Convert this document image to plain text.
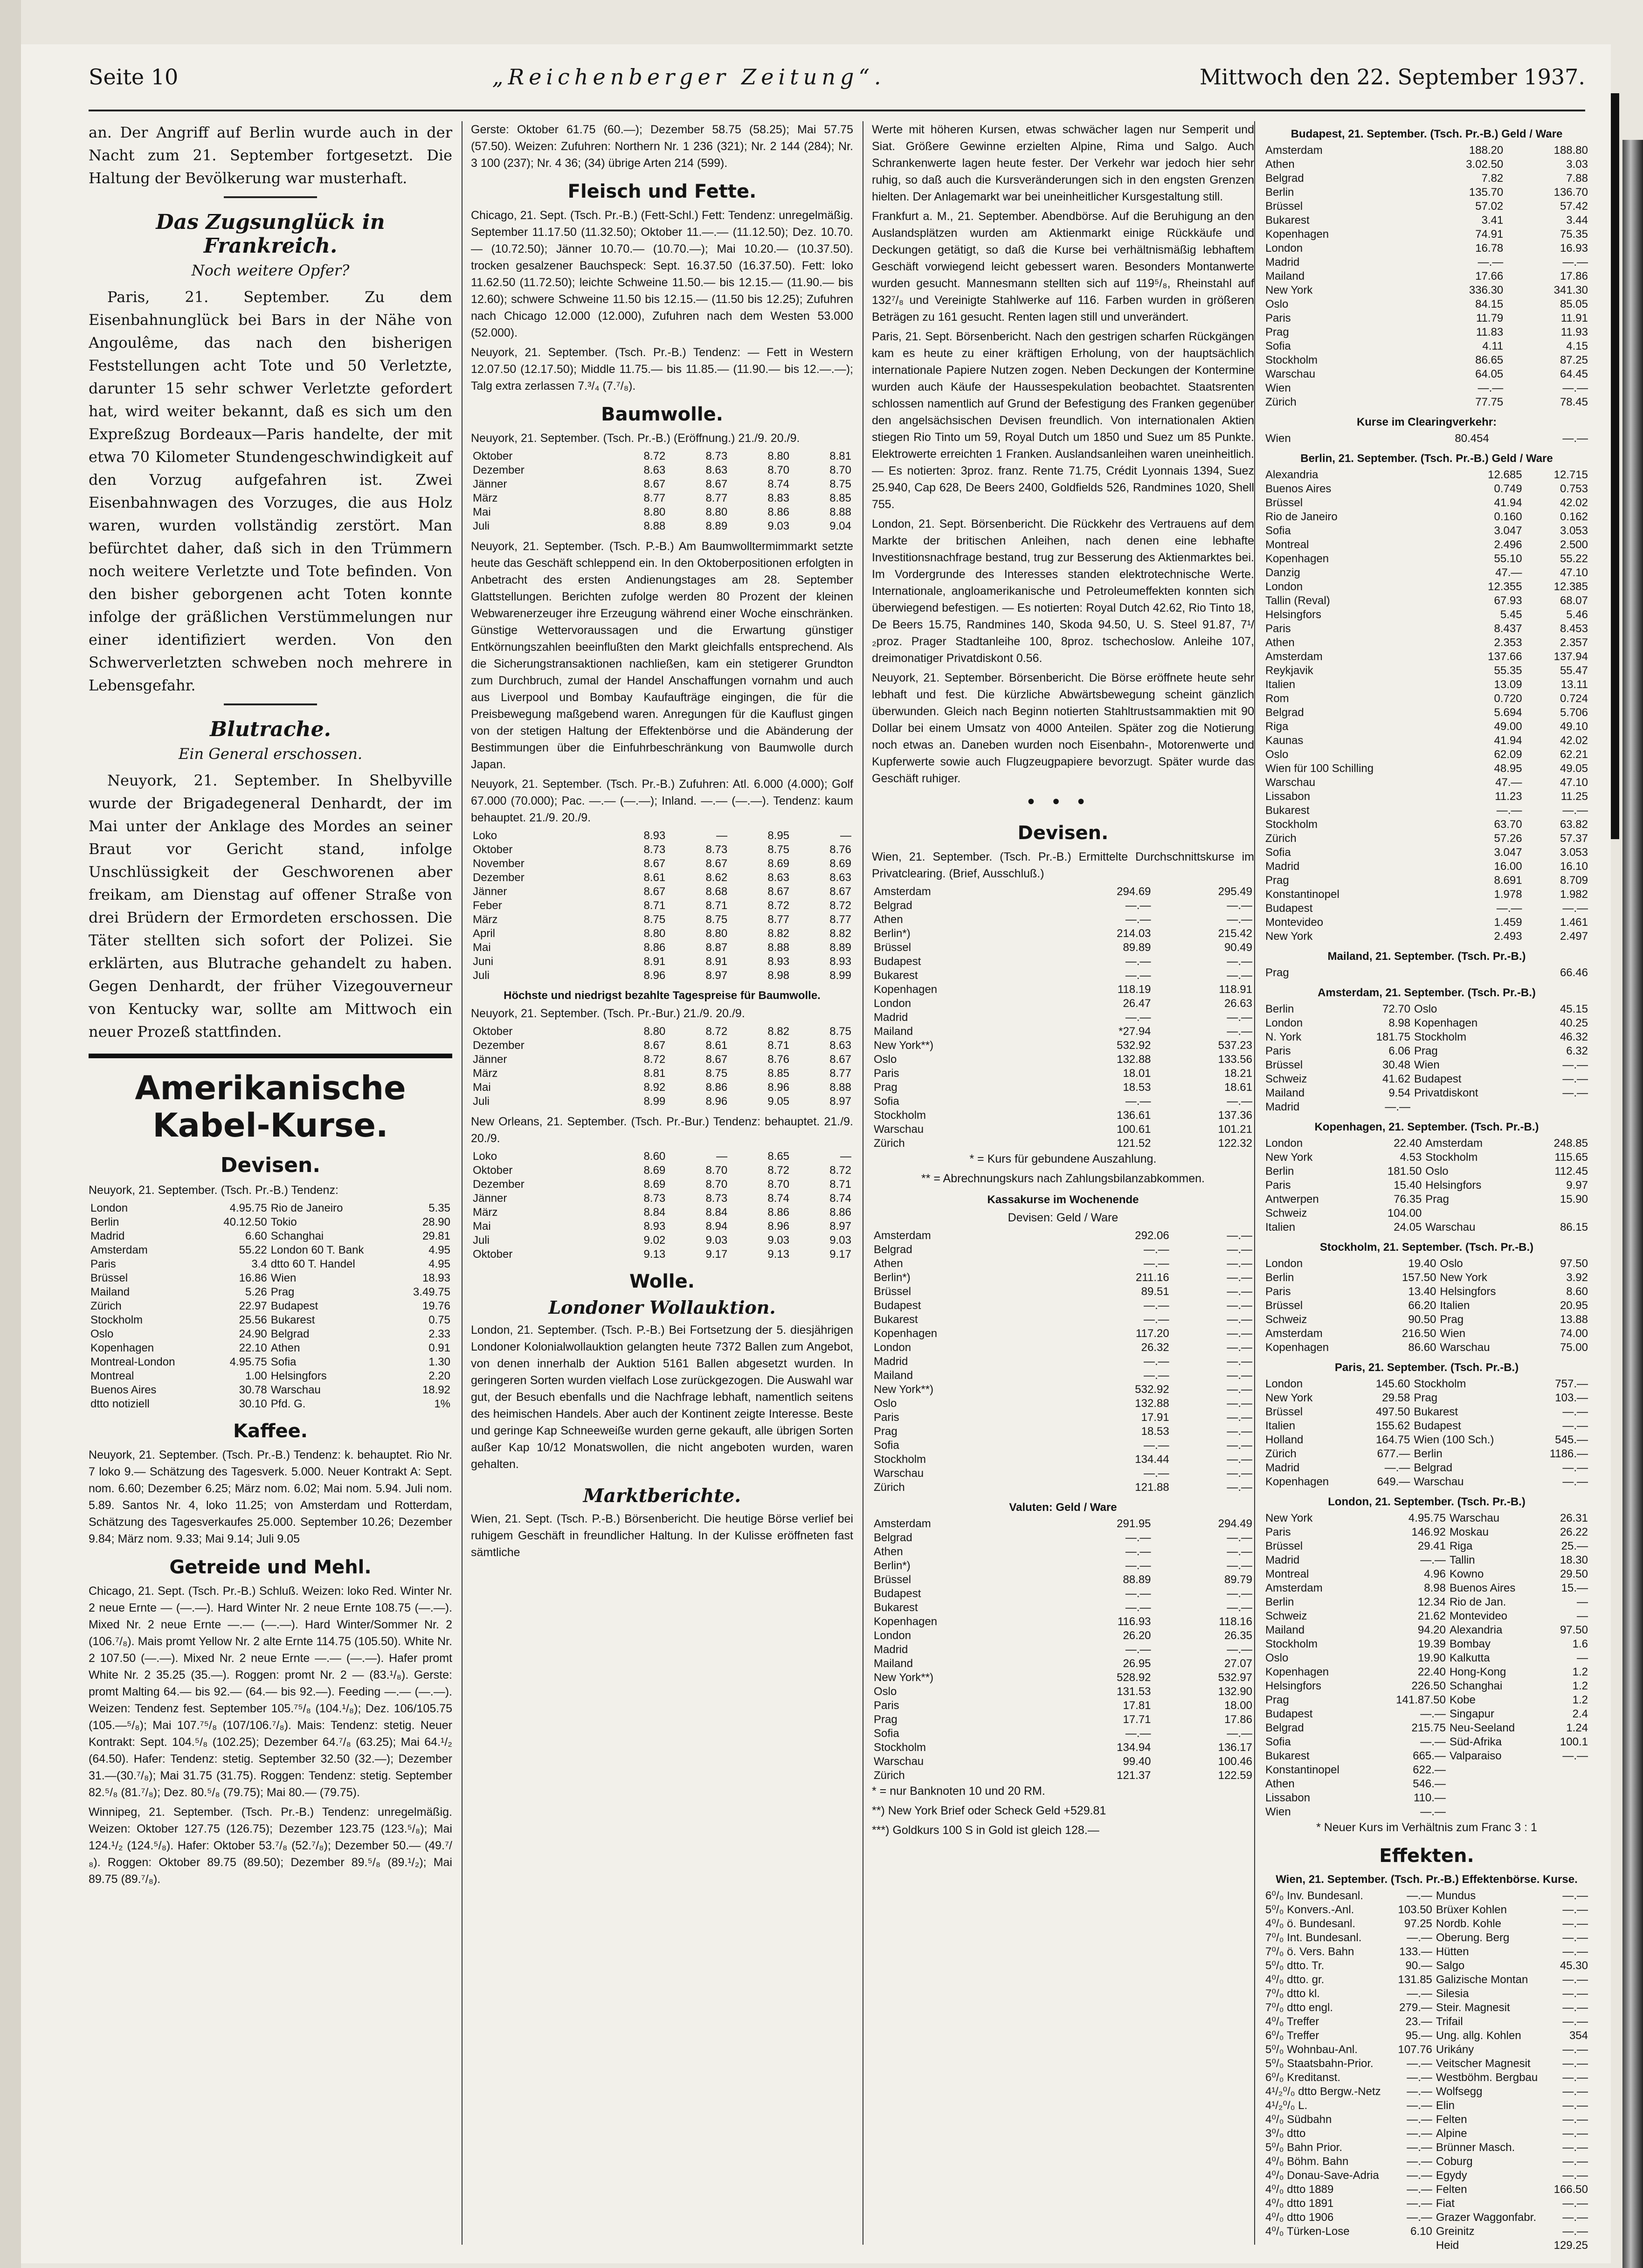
Seite 10	„Reichenberger Zeitung“.	Mittwoch den 22. September 1937.

an. Der Angriff auf Berlin wurde auch in der Nacht zum 21. September fortgesetzt. Die Haltung der Bevölkerung war musterhaft.

Das Zugsunglück in Frankreich.
Noch weitere Opfer?

Paris, 21. September. Zu dem Eisenbahnunglück bei Bars in der Nähe von Angoulême, das nach den bisherigen Feststellungen acht Tote und 50 Verletzte, darunter 15 sehr schwer Verletzte gefordert hat, wird weiter bekannt, daß es sich um den Expreßzug Bordeaux—Paris handelte, der mit etwa 70 Kilometer Stundengeschwindigkeit auf den Vorzug aufgefahren ist. Zwei Eisenbahnwagen des Vorzuges, die aus Holz waren, wurden vollständig zerstört. Man befürchtet daher, daß sich in den Trümmern noch weitere Verletzte und Tote befinden. Von den bisher geborgenen acht Toten konnte infolge der gräßlichen Verstümmelungen nur einer identifiziert werden. Von den Schwerverletzten schweben noch mehrere in Lebensgefahr.

Blutrache.
Ein General erschossen.

Neuyork, 21. September. In Shelbyville wurde der Brigadegeneral Denhardt, der im Mai unter der Anklage des Mordes an seiner Braut vor Gericht stand, infolge Unschlüssigkeit der Geschworenen aber freikam, am Dienstag auf offener Straße von drei Brüdern der Ermordeten erschossen. Die Täter stellten sich sofort der Polizei. Sie erklärten, aus Blutrache gehandelt zu haben. Gegen Denhardt, der früher Vizegouverneur von Kentucky war, sollte am Mittwoch ein neuer Prozeß stattfinden.

Amerikanische Kabel-Kurse.
Devisen.

Neuyork, 21. September. (Tsch. Pr.-B.) Tendenz:

London	4.95.75	Rio de Janeiro	5.35
Berlin	40.12.50	Tokio	28.90
Madrid	6.60	Schanghai	29.81
Amsterdam	55.22	London 60 T. Bank	4.95
Paris	3.4	dtto 60 T. Handel	4.95
Brüssel	16.86	Wien	18.93
Mailand	5.26	Prag	3.49.75
Zürich	22.97	Budapest	19.76
Stockholm	25.56	Bukarest	0.75
Oslo	24.90	Belgrad	2.33
Kopenhagen	22.10	Athen	0.91
Montreal-London	4.95.75	Sofia	1.30
Montreal	1.00	Helsingfors	2.20
Buenos Aires	30.78	Warschau	18.92
dtto notiziell	30.10	Pfd. G.	1%
Kaffee.

Neuyork, 21. September. (Tsch. Pr.-B.) Tendenz: k. behauptet. Rio Nr. 7 loko 9.— Schätzung des Tagesverk. 5.000. Neuer Kontrakt A: Sept. nom. 6.60; Dezember 6.25; März nom. 6.02; Mai nom. 5.94. Juli nom. 5.89. Santos Nr. 4, loko 11.25; von Amsterdam und Rotterdam, Schätzung des Tagesverkaufes 25.000. September 10.26; Dezember 9.84; März nom. 9.33; Mai 9.14; Juli 9.05

Getreide und Mehl.

Chicago, 21. Sept. (Tsch. Pr.-B.) Schluß. Weizen: loko Red. Winter Nr. 2 neue Ernte — (—.—). Hard Winter Nr. 2 neue Ernte 108.75 (—.—). Mixed Nr. 2 neue Ernte —.— (—.—). Hard Winter/Sommer Nr. 2 (106.⁷/₈). Mais promt Yellow Nr. 2 alte Ernte 114.75 (105.50). White Nr. 2 107.50 (—.—). Mixed Nr. 2 neue Ernte —.— (—.—). Hafer promt White Nr. 2 35.25 (35.—). Roggen: promt Nr. 2 — (83.¹/₈). Gerste: promt Malting 64.— bis 92.— (64.— bis 92.—). Feeding —.— (—.—). Weizen: Tendenz fest. September 105.⁷⁵/₈ (104.¹/₈); Dez. 106/105.75 (105.—⁵/₈); Mai 107.⁷⁵/₈ (107/106.⁷/₈). Mais: Tendenz: stetig. Neuer Kontrakt: Sept. 104.⁵/₈ (102.25); Dezember 64.⁷/₈ (63.25); Mai 64.¹/₂ (64.50). Hafer: Tendenz: stetig. September 32.50 (32.—); Dezember 31.—(30.⁷/₈); Mai 31.75 (31.75). Roggen: Tendenz: stetig. September 82.⁵/₈ (81.⁷/₈); Dez. 80.⁵/₈ (79.75); Mai 80.— (79.75).

Winnipeg, 21. September. (Tsch. Pr.-B.) Tendenz: unregelmäßig. Weizen: Oktober 127.75 (126.75); Dezember 123.75 (123.⁵/₈); Mai 124.¹/₂ (124.⁵/₈). Hafer: Oktober 53.⁷/₈ (52.⁷/₈); Dezember 50.— (49.⁷/₈). Roggen: Oktober 89.75 (89.50); Dezember 89.⁵/₈ (89.¹/₂); Mai 89.75 (89.⁷/₈).

Gerste: Oktober 61.75 (60.—); Dezember 58.75 (58.25); Mai 57.75 (57.50). Weizen: Zufuhren: Northern Nr. 1 236 (321); Nr. 2 144 (284); Nr. 3 100 (237); Nr. 4 36; (34) übrige Arten 214 (599).

Fleisch und Fette.

Chicago, 21. Sept. (Tsch. Pr.-B.) (Fett-Schl.) Fett: Tendenz: unregelmäßig. September 11.17.50 (11.32.50); Oktober 11.—.— (11.12.50); Dez. 10.70.— (10.72.50); Jänner 10.70.— (10.70.—); Mai 10.20.— (10.37.50). trocken gesalzener Bauchspeck: Sept. 16.37.50 (16.37.50). Fett: loko 11.62.50 (11.72.50); leichte Schweine 11.50.— bis 12.15.— (11.90.— bis 12.60); schwere Schweine 11.50 bis 12.15.— (11.50 bis 12.25); Zufuhren nach Chicago 12.000 (12.000), Zufuhren nach dem Westen 53.000 (52.000).

Neuyork, 21. September. (Tsch. Pr.-B.) Tendenz: — Fett in Western 12.07.50 (12.17.50); Middle 11.75.— bis 11.85.— (11.90.— bis 12.—.—); Talg extra zerlassen 7.³/₄ (7.⁷/₈).

Baumwolle.

Neuyork, 21. September. (Tsch. Pr.-B.) (Eröffnung.) 21./9. 20./9.

Oktober	8.72	8.73	8.80	8.81
Dezember	8.63	8.63	8.70	8.70
Jänner	8.67	8.67	8.74	8.75
März	8.77	8.77	8.83	8.85
Mai	8.80	8.80	8.86	8.88
Juli	8.88	8.89	9.03	9.04

Neuyork, 21. September. (Tsch. P.-B.) Am Baumwolltermimmarkt setzte heute das Geschäft schleppend ein. In den Oktoberpositionen erfolgten in Anbetracht des ersten Andienungstages am 28. September Glattstellungen. Berichten zufolge werden 80 Prozent der kleinen Webwarenerzeuger ihre Erzeugung während einer Woche einschränken. Günstige Wettervoraussagen und die Erwartung günstiger Entkörnungszahlen beeinflußten den Markt gleichfalls entsprechend. Als die Sicherungstransaktionen nachließen, kam ein stetigerer Grundton zum Durchbruch, zumal der Handel Anschaffungen vornahm und auch aus Liverpool und Bombay Kaufaufträge eingingen, die für die Preisbewegung maßgebend waren. Anregungen für die Kauflust gingen von der stetigen Haltung der Effektenbörse und die Abänderung der Bestimmungen über die Einfuhrbeschränkung von Baumwolle durch Japan.

Neuyork, 21. September. (Tsch. Pr.-B.) Zufuhren: Atl. 6.000 (4.000); Golf 67.000 (70.000); Pac. —.— (—.—); Inland. —.— (—.—). Tendenz: kaum behauptet. 21./9. 20./9.

Loko	8.93	—	8.95	—
Oktober	8.73	8.73	8.75	8.76
November	8.67	8.67	8.69	8.69
Dezember	8.61	8.62	8.63	8.63
Jänner	8.67	8.68	8.67	8.67
Feber	8.71	8.71	8.72	8.72
März	8.75	8.75	8.77	8.77
April	8.80	8.80	8.82	8.82
Mai	8.86	8.87	8.88	8.89
Juni	8.91	8.91	8.93	8.93
Juli	8.96	8.97	8.98	8.99
Höchste und niedrigst bezahlte Tagespreise für Baumwolle.

Neuyork, 21. September. (Tsch. Pr.-Bur.) 21./9. 20./9.

Oktober	8.80	8.72	8.82	8.75
Dezember	8.67	8.61	8.71	8.63
Jänner	8.72	8.67	8.76	8.67
März	8.81	8.75	8.85	8.77
Mai	8.92	8.86	8.96	8.88
Juli	8.99	8.96	9.05	8.97

New Orleans, 21. September. (Tsch. Pr.-Bur.) Tendenz: behauptet. 21./9. 20./9.

Loko	8.60	—	8.65	—
Oktober	8.69	8.70	8.72	8.72
Dezember	8.69	8.70	8.70	8.71
Jänner	8.73	8.73	8.74	8.74
März	8.84	8.84	8.86	8.86
Mai	8.93	8.94	8.96	8.97
Juli	9.02	9.03	9.03	9.03
Oktober	9.13	9.17	9.13	9.17
Wolle.
Londoner Wollauktion.

London, 21. September. (Tsch. P.-B.) Bei Fortsetzung der 5. diesjährigen Londoner Kolonialwollauktion gelangten heute 7372 Ballen zum Angebot, von denen innerhalb der Auktion 5161 Ballen abgesetzt wurden. In geringeren Sorten wurden vielfach Lose zurückgezogen. Die Auswahl war gut, der Besuch ebenfalls und die Nachfrage lebhaft, namentlich seitens des heimischen Handels. Aber auch der Kontinent zeigte Interesse. Beste und geringe Kap Schneeweiße wurden gerne gekauft, alle übrigen Sorten außer Kap 10/12 Monatswollen, die nicht angeboten wurden, waren gehalten.

Marktberichte.

Wien, 21. Sept. (Tsch. P.-B.) Börsenbericht. Die heutige Börse verlief bei ruhigem Geschäft in freundlicher Haltung. In der Kulisse eröffneten fast sämtliche

Werte mit höheren Kursen, etwas schwächer lagen nur Semperit und Siat. Größere Gewinne erzielten Alpine, Rima und Salgo. Auch Schrankenwerte lagen heute fester. Der Verkehr war jedoch hier sehr ruhig, so daß auch die Kursveränderungen sich in den engsten Grenzen hielten. Der Anlagemarkt war bei uneinheitlicher Kursgestaltung still.

Frankfurt a. M., 21. September. Abendbörse. Auf die Beruhigung an den Auslandsplätzen wurden am Aktienmarkt einige Rückkäufe und Deckungen getätigt, so daß die Kurse bei verhältnismäßig lebhaftem Geschäft vorwiegend leicht gebessert waren. Besonders Montanwerte wurden gesucht. Mannesmann stellten sich auf 119⁵/₈, Rheinstahl auf 132⁷/₈ und Vereinigte Stahlwerke auf 116. Farben wurden in größeren Beträgen zu 161 gesucht. Renten lagen still und unverändert.

Paris, 21. Sept. Börsenbericht. Nach den gestrigen scharfen Rückgängen kam es heute zu einer kräftigen Erholung, von der hauptsächlich internationale Papiere Nutzen zogen. Neben Deckungen der Kontermine wurden auch Käufe der Haussespekulation beobachtet. Staatsrenten schlossen namentlich auf Grund der Befestigung des Franken gegenüber den angelsächsischen Devisen freundlich. Von internationalen Aktien stiegen Rio Tinto um 59, Royal Dutch um 1850 und Suez um 85 Punkte. Elektrowerte erreichten 1 Franken. Auslandsanleihen waren uneinheitlich. — Es notierten: 3proz. franz. Rente 71.75, Crédit Lyonnais 1394, Suez 25.940, Cap 628, De Beers 2400, Goldfields 526, Randmines 1020, Shell 755.

London, 21. Sept. Börsenbericht. Die Rückkehr des Vertrauens auf dem Markte der britischen Anleihen, nach denen eine lebhafte Investitionsnachfrage bestand, trug zur Besserung des Aktienmarktes bei. Im Vordergrunde des Interesses standen elektrotechnische Werte. Internationale, angloamerikanische und Petroleumeffekten konnten sich überwiegend befestigen. — Es notierten: Royal Dutch 42.62, Rio Tinto 18, De Beers 15.75, Randmines 140, Skoda 94.50, U. S. Steel 91.87, 7¹/₂proz. Prager Stadtanleihe 100, 8proz. tschechoslow. Anleihe 107, dreimonatiger Privatdiskont 0.56.

Neuyork, 21. September. Börsenbericht. Die Börse eröffnete heute sehr lebhaft und fest. Die kürzliche Abwärtsbewegung scheint gänzlich überwunden. Gleich nach Beginn notierten Stahltrustsammaktien mit 90 Dollar bei einem Umsatz von 4000 Anteilen. Später zog die Notierung noch etwas an. Daneben wurden noch Eisenbahn-, Motorenwerte und Kupferwerte sowie auch Flugzeugpapiere bevorzugt. Später wurde das Geschäft ruhiger.

•••
Devisen.

Wien, 21. September. (Tsch. Pr.-B.) Ermittelte Durchschnittskurse im Privatclearing. (Brief, Ausschluß.)

Amsterdam	294.69	295.49
Belgrad	—.—	—.—
Athen	—.—	—.—
Berlin*)	214.03	215.42
Brüssel	89.89	90.49
Budapest	—.—	—.—
Bukarest	—.—	—.—
Kopenhagen	118.19	118.91
London	26.47	26.63
Madrid	—.—	—.—
Mailand	*27.94	—.—
New York**)	532.92	537.23
Oslo	132.88	133.56
Paris	18.01	18.21
Prag	18.53	18.61
Sofia	—.—	—.—
Stockholm	136.61	137.36
Warschau	100.61	101.21
Zürich	121.52	122.32

* = Kurs für gebundene Auszahlung.

** = Abrechnungskurs nach Zahlungsbilanzabkommen.

Kassakurse im Wochenende

Devisen: Geld / Ware

Amsterdam	292.06	—.—
Belgrad	—.—	—.—
Athen	—.—	—.—
Berlin*)	211.16	—.—
Brüssel	89.51	—.—
Budapest	—.—	—.—
Bukarest	—.—	—.—
Kopenhagen	117.20	—.—
London	26.32	—.—
Madrid	—.—	—.—
Mailand	—.—	—.—
New York**)	532.92	—.—
Oslo	132.88	—.—
Paris	17.91	—.—
Prag	18.53	—.—
Sofia	—.—	—.—
Stockholm	134.44	—.—
Warschau	—.—	—.—
Zürich	121.88	—.—
Valuten: Geld / Ware
Amsterdam	291.95	294.49
Belgrad	—.—	—.—
Athen	—.—	—.—
Berlin*)	—.—	—.—
Brüssel	88.89	89.79
Budapest	—.—	—.—
Bukarest	—.—	—.—
Kopenhagen	116.93	118.16
London	26.20	26.35
Madrid	—.—	—.—
Mailand	26.95	27.07
New York**)	528.92	532.97
Oslo	131.53	132.90
Paris	17.81	18.00
Prag	17.71	17.86
Sofia	—.—	—.—
Stockholm	134.94	136.17
Warschau	99.40	100.46
Zürich	121.37	122.59

* = nur Banknoten 10 und 20 RM.

**) New York Brief oder Scheck Geld +529.81

***) Goldkurs 100 S in Gold ist gleich 128.—

Budapest, 21. September. (Tsch. Pr.-B.) Geld / Ware
Amsterdam	188.20	188.80
Athen	3.02.50	3.03
Belgrad	7.82	7.88
Berlin	135.70	136.70
Brüssel	57.02	57.42
Bukarest	3.41	3.44
Kopenhagen	74.91	75.35
London	16.78	16.93
Madrid	—.—	—.—
Mailand	17.66	17.86
New York	336.30	341.30
Oslo	84.15	85.05
Paris	11.79	11.91
Prag	11.83	11.93
Sofia	4.11	4.15
Stockholm	86.65	87.25
Warschau	64.05	64.45
Wien	—.—	—.—
Zürich	77.75	78.45
Kurse im Clearingverkehr:
Wien	80.454	—.—
Berlin, 21. September. (Tsch. Pr.-B.) Geld / Ware
Alexandria	12.685	12.715
Buenos Aires	0.749	0.753
Brüssel	41.94	42.02
Rio de Janeiro	0.160	0.162
Sofia	3.047	3.053
Montreal	2.496	2.500
Kopenhagen	55.10	55.22
Danzig	47.—	47.10
London	12.355	12.385
Tallin (Reval)	67.93	68.07
Helsingfors	5.45	5.46
Paris	8.437	8.453
Athen	2.353	2.357
Amsterdam	137.66	137.94
Reykjavik	55.35	55.47
Italien	13.09	13.11
Rom	0.720	0.724
Belgrad	5.694	5.706
Riga	49.00	49.10
Kaunas	41.94	42.02
Oslo	62.09	62.21
Wien für 100 Schilling	48.95	49.05
Warschau	47.—	47.10
Lissabon	11.23	11.25
Bukarest	—.—	—.—
Stockholm	63.70	63.82
Zürich	57.26	57.37
Sofia	3.047	3.053
Madrid	16.00	16.10
Prag	8.691	8.709
Konstantinopel	1.978	1.982
Budapest	—.—	—.—
Montevideo	1.459	1.461
New York	2.493	2.497
Mailand, 21. September. (Tsch. Pr.-B.)
Prag	66.46
Amsterdam, 21. September. (Tsch. Pr.-B.)
Berlin	72.70	Oslo	45.15
London	8.98	Kopenhagen	40.25
N. York	181.75	Stockholm	46.32
Paris	6.06	Prag	6.32
Brüssel	30.48	Wien	—.—
Schweiz	41.62	Budapest	—.—
Mailand	9.54	Privatdiskont	—.—
Madrid	—.—		
Kopenhagen, 21. September. (Tsch. Pr.-B.)
London	22.40	Amsterdam	248.85
New York	4.53	Stockholm	115.65
Berlin	181.50	Oslo	112.45
Paris	15.40	Helsingfors	9.97
Antwerpen	76.35	Prag	15.90
Schweiz	104.00		
Italien	24.05	Warschau	86.15
Stockholm, 21. September. (Tsch. Pr.-B.)
London	19.40	Oslo	97.50
Berlin	157.50	New York	3.92
Paris	13.40	Helsingfors	8.60
Brüssel	66.20	Italien	20.95
Schweiz	90.50	Prag	13.88
Amsterdam	216.50	Wien	74.00
Kopenhagen	86.60	Warschau	75.00
Paris, 21. September. (Tsch. Pr.-B.)
London	145.60	Stockholm	757.—
New York	29.58	Prag	103.—
Brüssel	497.50	Bukarest	—.—
Italien	155.62	Budapest	—.—
Holland	164.75	Wien (100 Sch.)	545.—
Zürich	677.—	Berlin	1186.—
Madrid	—.—	Belgrad	—.—
Kopenhagen	649.—	Warschau	—.—
London, 21. September. (Tsch. Pr.-B.)
New York	4.95.75	Warschau	26.31
Paris	146.92	Moskau	26.22
Brüssel	29.41	Riga	25.—
Madrid	—.—	Tallin	18.30
Montreal	4.96	Kowno	29.50
Amsterdam	8.98	Buenos Aires	15.—
Berlin	12.34	Rio de Jan.	—
Schweiz	21.62	Montevideo	—
Mailand	94.20	Alexandria	97.50
Stockholm	19.39	Bombay	1.6
Oslo	19.90	Kalkutta	—
Kopenhagen	22.40	Hong-Kong	1.2
Helsingfors	226.50	Schanghai	1.2
Prag	141.87.50	Kobe	1.2
Budapest	—.—	Singapur	2.4
Belgrad	215.75	Neu-Seeland	1.24
Sofia	—.—	Süd-Afrika	100.1
Bukarest	665.—	Valparaiso	—.—
Konstantinopel	622.—		
Athen	546.—		
Lissabon	110.—		
Wien	—.—		

* Neuer Kurs im Verhältnis zum Franc 3 : 1

Effekten.
Wien, 21. September. (Tsch. Pr.-B.) Effektenbörse. Kurse.
6⁰/₀ Inv. Bundesanl.	—.—	Mundus	—.—
5⁰/₀ Konvers.-Anl.	103.50	Brüxer Kohlen	—.—
4⁰/₀ ö. Bundesanl.	97.25	Nordb. Kohle	—.—
7⁰/₀ Int. Bundesanl.	—.—	Oberung. Berg	—.—
7⁰/₀ ö. Vers. Bahn	133.—	Hütten	—.—
5⁰/₀ dtto. Tr.	90.—	Salgo	45.30
4⁰/₀ dtto. gr.	131.85	Galizische Montan	—.—
7⁰/₀ dtto kl.	—.—	Silesia	—.—
7⁰/₀ dtto engl.	279.—	Steir. Magnesit	—.—
4⁰/₀ Treffer	23.—	Trifail	—.—
6⁰/₀ Treffer	95.—	Ung. allg. Kohlen	354
5⁰/₀ Wohnbau-Anl.	107.76	Urikány	—.—
5⁰/₀ Staatsbahn-Prior.	—.—	Veitscher Magnesit	—.—
6⁰/₀ Kreditanst.	—.—	Westböhm. Bergbau	—.—
4¹/₂⁰/₀ dtto Bergw.-Netz	—.—	Wolfsegg	—.—
4¹/₂⁰/₀ L.	—.—	Elin	—.—
4⁰/₀ Südbahn	—.—	Felten	—.—
3⁰/₀ dtto	—.—	Alpine	—.—
5⁰/₀ Bahn Prior.	—.—	Brünner Masch.	—.—
4⁰/₀ Böhm. Bahn	—.—	Coburg	—.—
4⁰/₀ Donau-Save-Adria	—.—	Egydy	—.—
4⁰/₀ dtto 1889	—.—	Felten	166.50
4⁰/₀ dtto 1891	—.—	Fiat	—.—
4⁰/₀ dtto 1906	—.—	Grazer Waggonfabr.	—.—
4⁰/₀ Türken-Lose	6.10	Greinitz	—.—
		Heid	129.25
